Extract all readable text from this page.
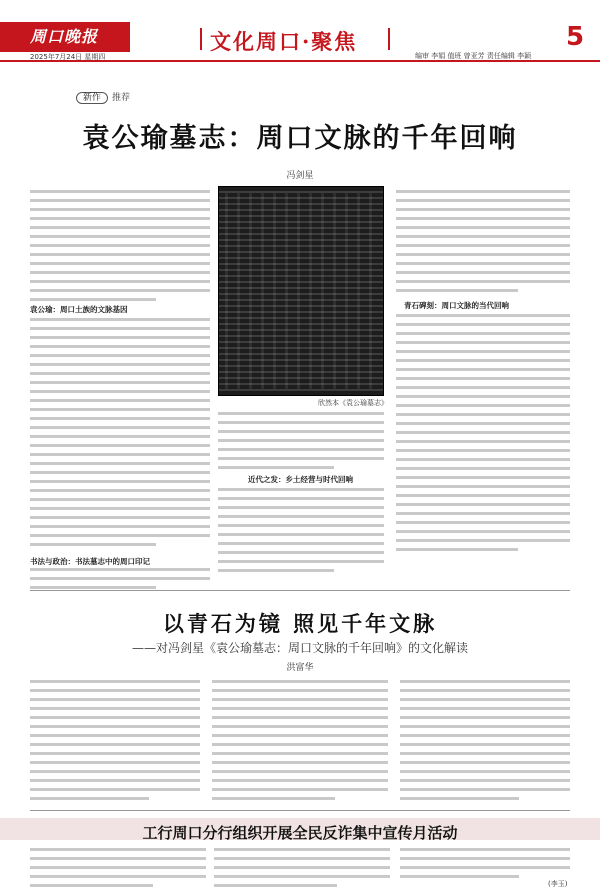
周口晚报
2025年7月24日 星期四
文化周口·聚焦
编审 李娟 值班 曾亚芳 责任编辑 李颖
5
新作 推荐
袁公瑜墓志：周口文脉的千年回响
冯剑星
袁公瑜：周口土族的文脉基因
书法与政治：书法墓志中的周口印记
欣然本《袁公瑜墓志》
近代之发：乡土经营与时代回响
青石碑刻：周口文脉的当代回响
以青石为镜 照见千年文脉
——对冯剑星《袁公瑜墓志：周口文脉的千年回响》的文化解读
洪富华
工行周口分行组织开展全民反诈集中宣传月活动
(李玉)
